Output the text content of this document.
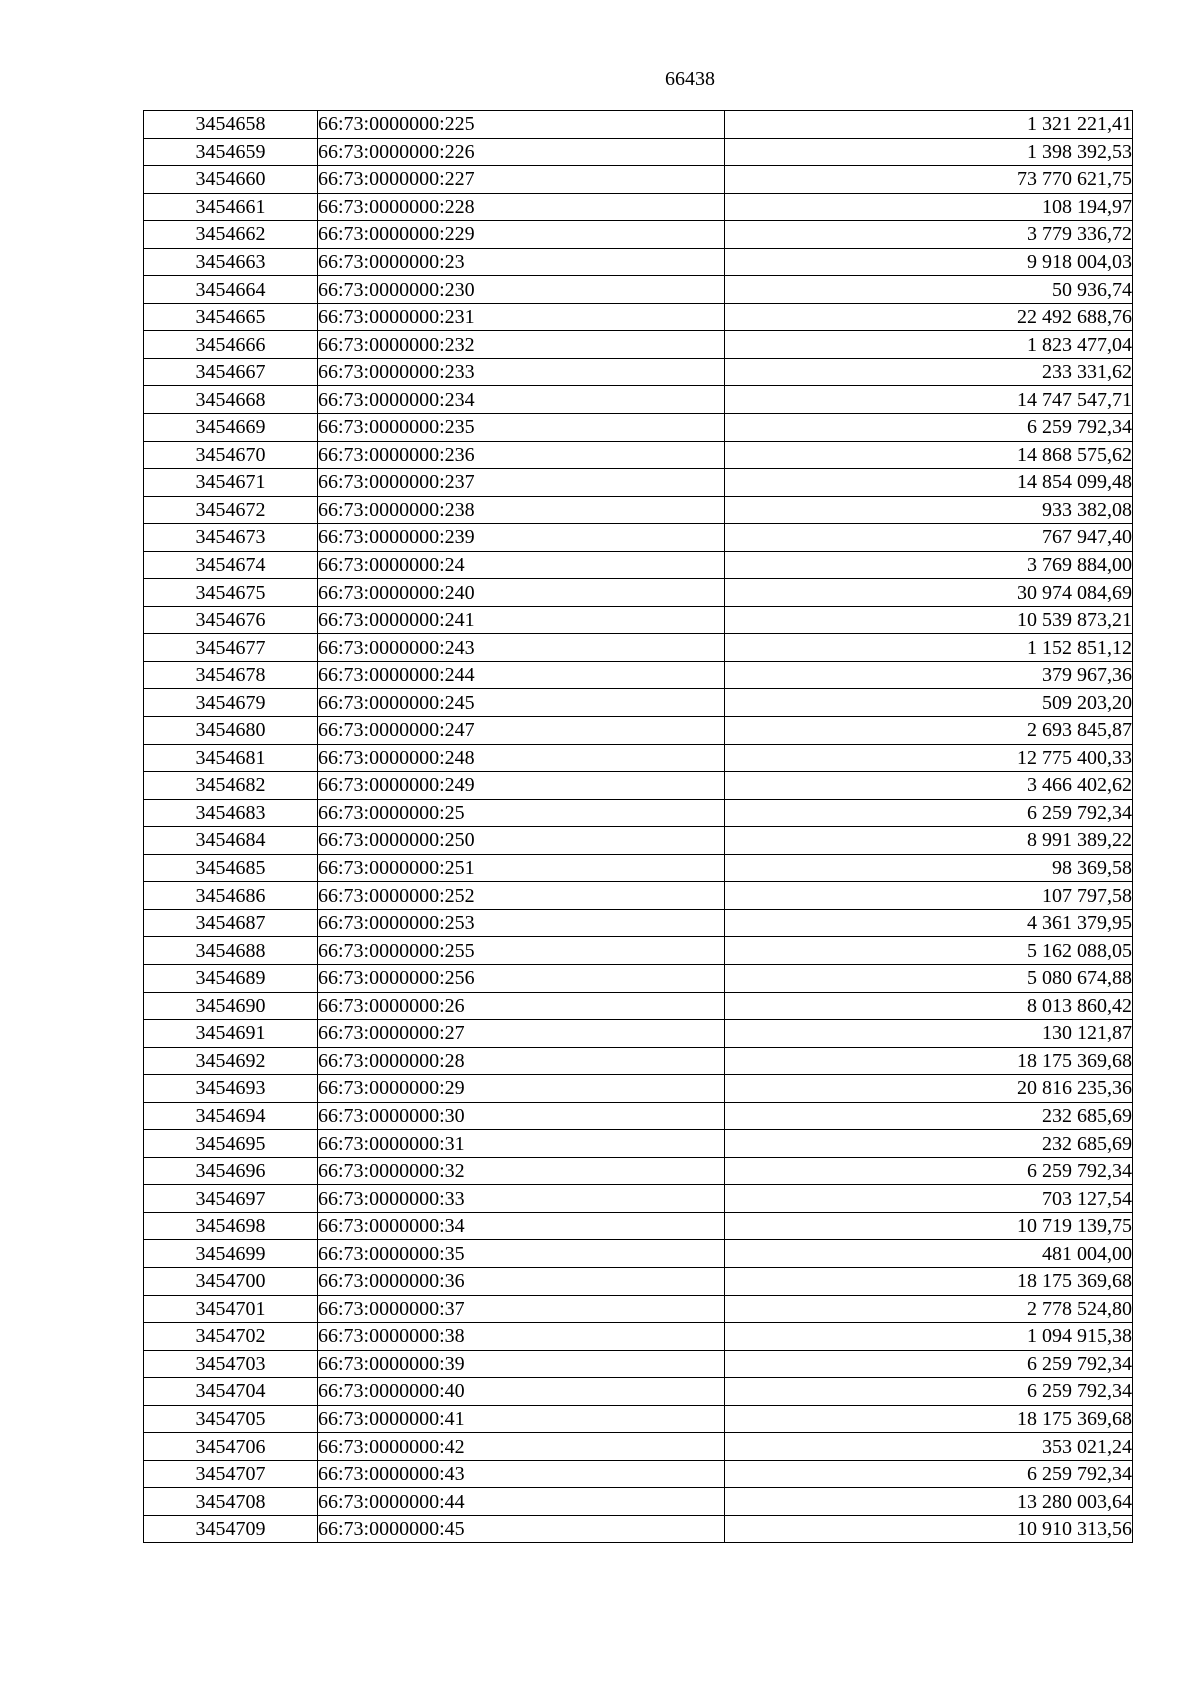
66438
3454658	66:73:0000000:225	1 321 221,41
3454659	66:73:0000000:226	1 398 392,53
3454660	66:73:0000000:227	73 770 621,75
3454661	66:73:0000000:228	108 194,97
3454662	66:73:0000000:229	3 779 336,72
3454663	66:73:0000000:23	9 918 004,03
3454664	66:73:0000000:230	50 936,74
3454665	66:73:0000000:231	22 492 688,76
3454666	66:73:0000000:232	1 823 477,04
3454667	66:73:0000000:233	233 331,62
3454668	66:73:0000000:234	14 747 547,71
3454669	66:73:0000000:235	6 259 792,34
3454670	66:73:0000000:236	14 868 575,62
3454671	66:73:0000000:237	14 854 099,48
3454672	66:73:0000000:238	933 382,08
3454673	66:73:0000000:239	767 947,40
3454674	66:73:0000000:24	3 769 884,00
3454675	66:73:0000000:240	30 974 084,69
3454676	66:73:0000000:241	10 539 873,21
3454677	66:73:0000000:243	1 152 851,12
3454678	66:73:0000000:244	379 967,36
3454679	66:73:0000000:245	509 203,20
3454680	66:73:0000000:247	2 693 845,87
3454681	66:73:0000000:248	12 775 400,33
3454682	66:73:0000000:249	3 466 402,62
3454683	66:73:0000000:25	6 259 792,34
3454684	66:73:0000000:250	8 991 389,22
3454685	66:73:0000000:251	98 369,58
3454686	66:73:0000000:252	107 797,58
3454687	66:73:0000000:253	4 361 379,95
3454688	66:73:0000000:255	5 162 088,05
3454689	66:73:0000000:256	5 080 674,88
3454690	66:73:0000000:26	8 013 860,42
3454691	66:73:0000000:27	130 121,87
3454692	66:73:0000000:28	18 175 369,68
3454693	66:73:0000000:29	20 816 235,36
3454694	66:73:0000000:30	232 685,69
3454695	66:73:0000000:31	232 685,69
3454696	66:73:0000000:32	6 259 792,34
3454697	66:73:0000000:33	703 127,54
3454698	66:73:0000000:34	10 719 139,75
3454699	66:73:0000000:35	481 004,00
3454700	66:73:0000000:36	18 175 369,68
3454701	66:73:0000000:37	2 778 524,80
3454702	66:73:0000000:38	1 094 915,38
3454703	66:73:0000000:39	6 259 792,34
3454704	66:73:0000000:40	6 259 792,34
3454705	66:73:0000000:41	18 175 369,68
3454706	66:73:0000000:42	353 021,24
3454707	66:73:0000000:43	6 259 792,34
3454708	66:73:0000000:44	13 280 003,64
3454709	66:73:0000000:45	10 910 313,56
